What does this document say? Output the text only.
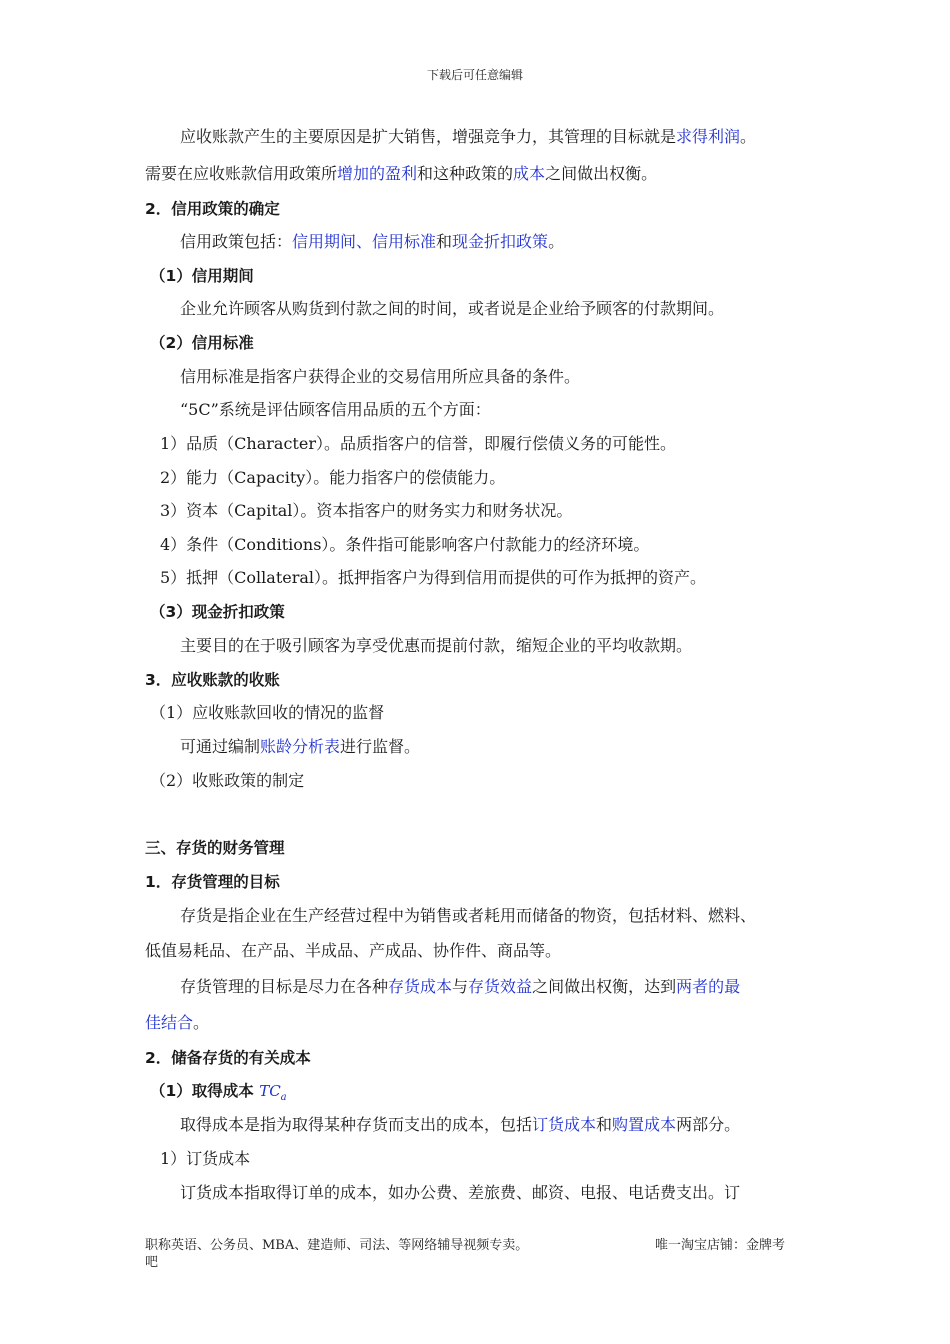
下载后可任意编辑
应收账款产生的主要原因是扩大销售，增强竞争力，其管理的目标就是求得利润。
需要在应收账款信用政策所增加的盈利和这种政策的成本之间做出权衡。
2．信用政策的确定
信用政策包括：信用期间、信用标准和现金折扣政策。
（1）信用期间
企业允许顾客从购货到付款之间的时间，或者说是企业给予顾客的付款期间。
（2）信用标准
信用标准是指客户获得企业的交易信用所应具备的条件。
“5C”系统是评估顾客信用品质的五个方面：
1）品质（Character）。品质指客户的信誉，即履行偿债义务的可能性。
2）能力（Capacity）。能力指客户的偿债能力。
3）资本（Capital）。资本指客户的财务实力和财务状况。
4）条件（Conditions）。条件指可能影响客户付款能力的经济环境。
5）抵押（Collateral）。抵押指客户为得到信用而提供的可作为抵押的资产。
（3）现金折扣政策
主要目的在于吸引顾客为享受优惠而提前付款，缩短企业的平均收款期。
3．应收账款的收账
（1）应收账款回收的情况的监督
可通过编制账龄分析表进行监督。
（2）收账政策的制定
三、存货的财务管理
1．存货管理的目标
存货是指企业在生产经营过程中为销售或者耗用而储备的物资，包括材料、燃料、
低值易耗品、在产品、半成品、产成品、协作件、商品等。
存货管理的目标是尽力在各种存货成本与存货效益之间做出权衡，达到两者的最
佳结合。
2．储备存货的有关成本
（1）取得成本 $TC_a$
取得成本是指为取得某种存货而支出的成本，包括订货成本和购置成本两部分。
1）订货成本
订货成本指取得订单的成本，如办公费、差旅费、邮资、电报、电话费支出。订
职称英语、公务员、MBA、建造师、司法、等网络辅导视频专卖。	唯一淘宝店铺：金牌考
吧
